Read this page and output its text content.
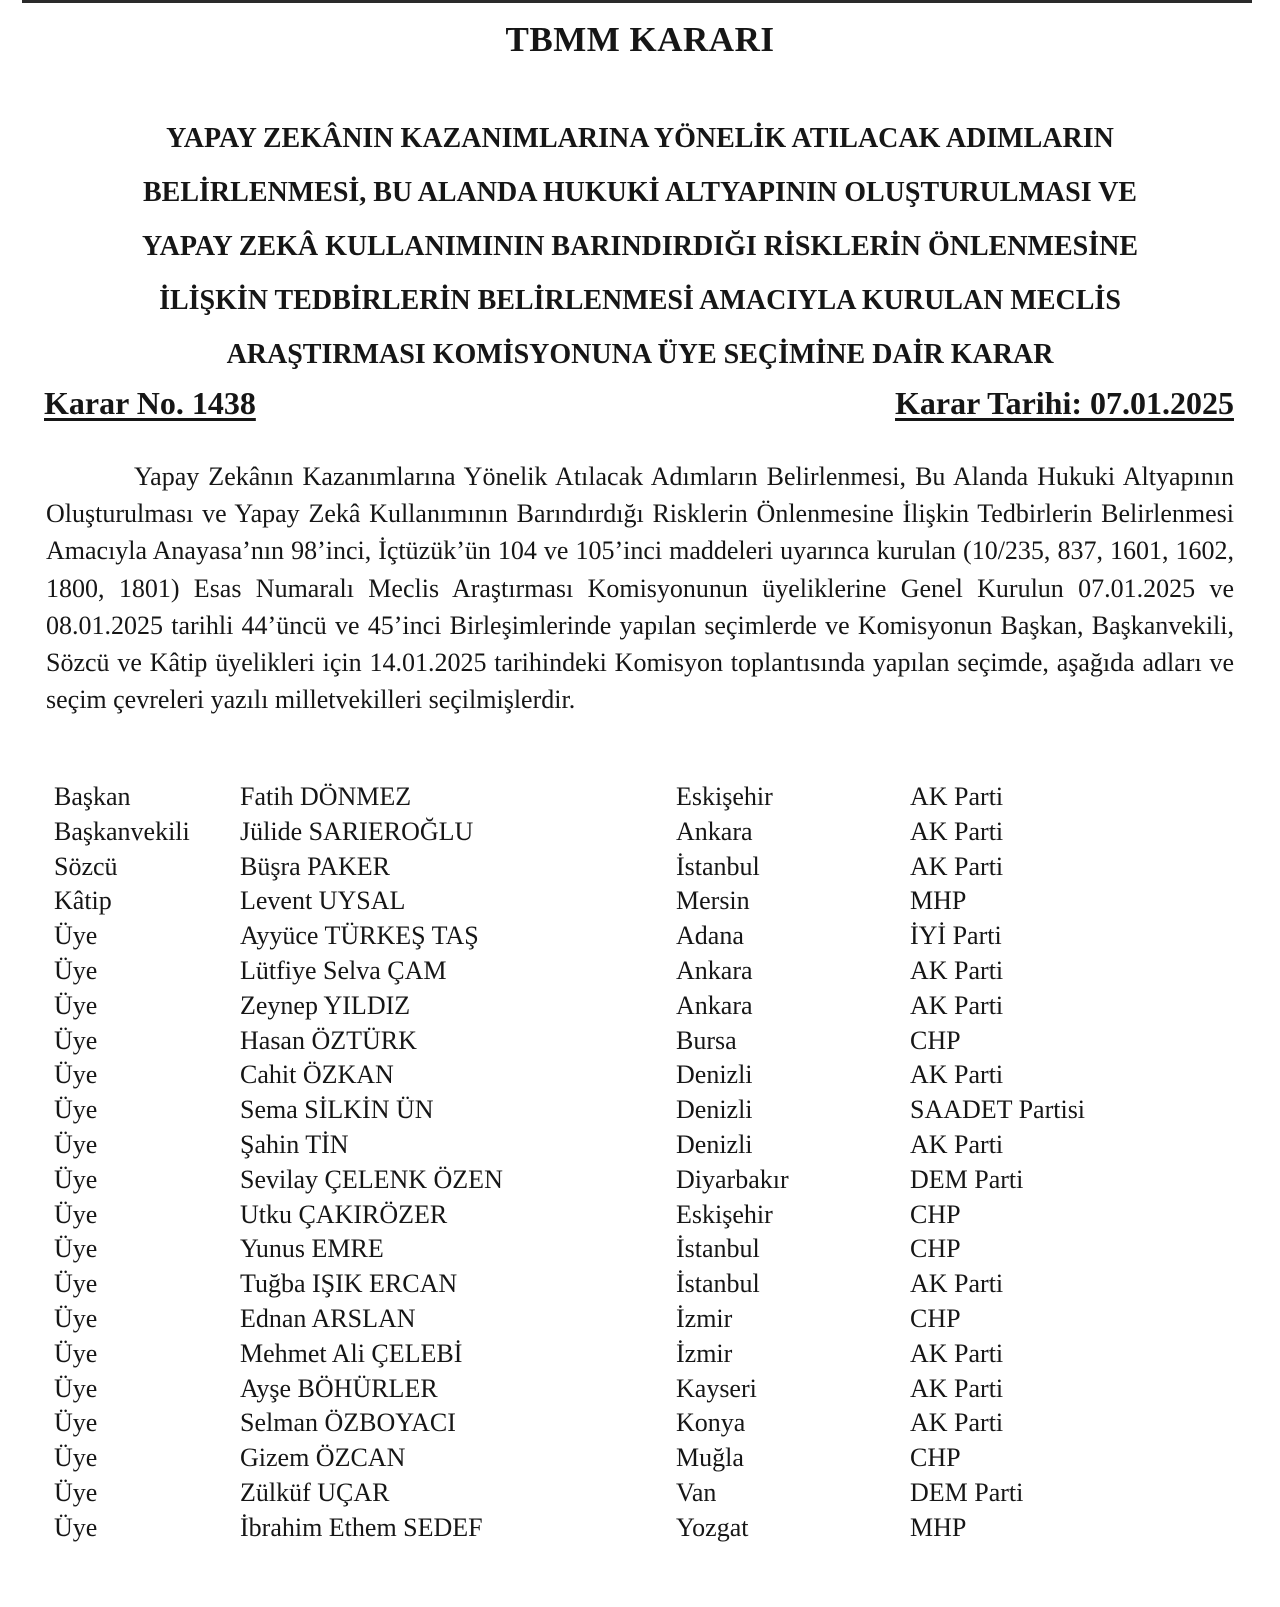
TBMM KARARI
YAPAY ZEKÂNIN KAZANIMLARINA YÖNELİK ATILACAK ADIMLARIN
BELİRLENMESİ, BU ALANDA HUKUKİ ALTYAPININ OLUŞTURULMASI VE
YAPAY ZEKÂ KULLANIMININ BARINDIRDIĞI RİSKLERİN ÖNLENMESİNE
İLİŞKİN TEDBİRLERİN BELİRLENMESİ AMACIYLA KURULAN MECLİS
ARAŞTIRMASI KOMİSYONUNA ÜYE SEÇİMİNE DAİR KARAR
Karar No. 1438	Karar Tarihi: 07.01.2025

Yapay Zekânın Kazanımlarına Yönelik Atılacak Adımların Belirlenmesi, Bu Alanda Hukuki Altyapının Oluşturulması ve Yapay Zekâ Kullanımının Barındırdığı Risklerin Önlenmesine İlişkin Tedbirlerin Belirlenmesi Amacıyla Anayasa’nın 98’inci, İçtüzük’ün 104 ve 105’inci maddeleri uyarınca kurulan (10/235, 837, 1601, 1602, 1800, 1801) Esas Numaralı Meclis Araştırması Komisyonunun üyeliklerine Genel Kurulun 07.01.2025 ve 08.01.2025 tarihli 44’üncü ve 45’inci Birleşimlerinde yapılan seçimlerde ve Komisyonun Başkan, Başkanvekili, Sözcü ve Kâtip üyelikleri için 14.01.2025 tarihindeki Komisyon toplantısında yapılan seçimde, aşağıda adları ve seçim çevreleri yazılı milletvekilleri seçilmişlerdir.

Başkan	Fatih DÖNMEZ	Eskişehir	AK Parti
Başkanvekili Jülide SARIEROĞLU	Ankara	AK Parti
Sözcü	Büşra PAKER	İstanbul	AK Parti
Kâtip	Levent UYSAL	Mersin	MHP
Üye	Ayyüce TÜRKEŞ TAŞ	Adana	İYİ Parti
Üye	Lütfiye Selva ÇAM	Ankara	AK Parti
Üye	Zeynep YILDIZ	Ankara	AK Parti
Üye	Hasan ÖZTÜRK	Bursa	CHP
Üye	Cahit ÖZKAN	Denizli	AK Parti
Üye	Sema SİLKİN ÜN	Denizli	SAADET Partisi
Üye	Şahin TİN	Denizli	AK Parti
Üye	Sevilay ÇELENK ÖZEN	Diyarbakır	DEM Parti
Üye	Utku ÇAKIRÖZER	Eskişehir	CHP
Üye	Yunus EMRE	İstanbul	CHP
Üye	Tuğba IŞIK ERCAN	İstanbul	AK Parti
Üye	Ednan ARSLAN	İzmir	CHP
Üye	Mehmet Ali ÇELEBİ	İzmir	AK Parti
Üye	Ayşe BÖHÜRLER	Kayseri	AK Parti
Üye	Selman ÖZBOYACI	Konya	AK Parti
Üye	Gizem ÖZCAN	Muğla	CHP
Üye	Zülküf UÇAR	Van	DEM Parti
Üye	İbrahim Ethem SEDEF	Yozgat	MHP
